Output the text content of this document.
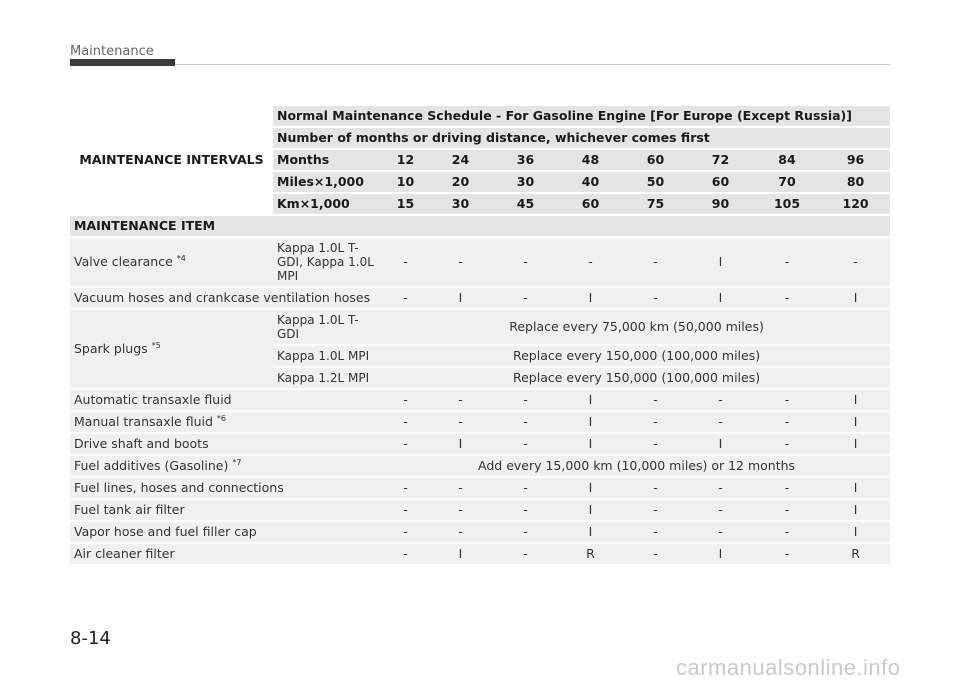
Maintenance
MAINTENANCE INTERVALS	Normal Maintenance Schedule - For Gasoline Engine [For Europe (Except Russia)]								
	Number of months or driving distance, whichever comes first								
	Months	12	24	36	48	60	72	84	96
	Miles×1,000	10	20	30	40	50	60	70	80
	Km×1,000	15	30	45	60	75	90	105	120
MAINTENANCE ITEM									
Valve clearance $^{*4}$	Kappa 1.0L T-GDI, Kappa 1.0L MPI	-	-	-	-	-	I	-	-
Vacuum hoses and crankcase ventilation hoses		-	I	-	I	-	I	-	I
Spark plugs $^{*5}$	Kappa 1.0L T-GDI	Replace every 75,000 km (50,000 miles)							
	Kappa 1.0L MPI	Replace every 150,000 (100,000 miles)							
	Kappa 1.2L MPI	Replace every 150,000 (100,000 miles)							
Automatic transaxle fluid		-	-	-	I	-	-	-	I
Manual transaxle fluid $^{*6}$		-	-	-	I	-	-	-	I
Drive shaft and boots		-	I	-	I	-	I	-	I
Fuel additives (Gasoline) $^{*7}$		Add every 15,000 km (10,000 miles) or 12 months							
Fuel lines, hoses and connections		-	-	-	I	-	-	-	I
Fuel tank air filter		-	-	-	I	-	-	-	I
Vapor hose and fuel filler cap		-	-	-	I	-	-	-	I
Air cleaner filter		-	I	-	R	-	I	-	R
8-14
carmanualsonline.info
